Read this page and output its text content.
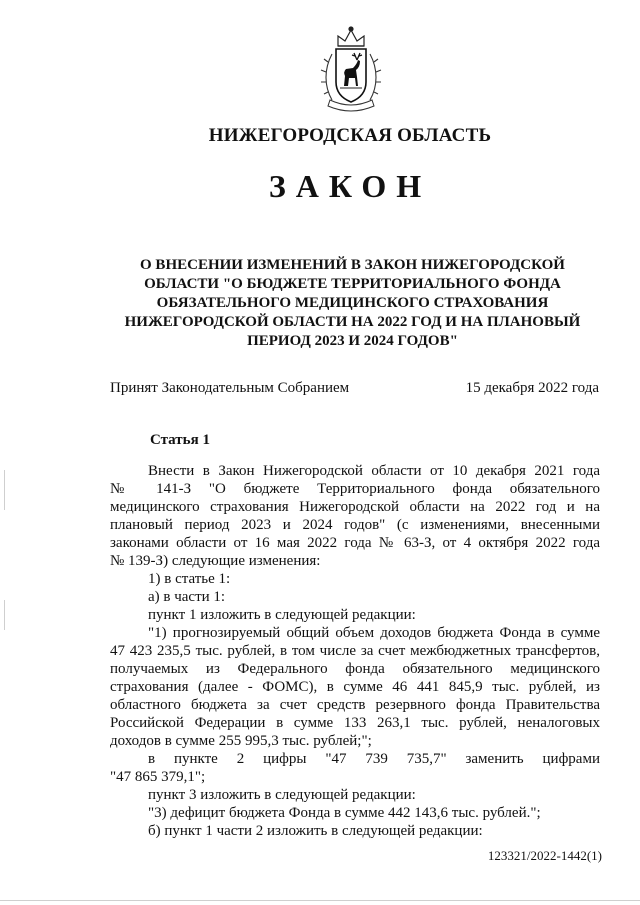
НИЖЕГОРОДСКАЯ ОБЛАСТЬ
ЗАКОН
О ВНЕСЕНИИ ИЗМЕНЕНИЙ В ЗАКОН НИЖЕГОРОДСКОЙ
ОБЛАСТИ "О БЮДЖЕТЕ ТЕРРИТОРИАЛЬНОГО ФОНДА
ОБЯЗАТЕЛЬНОГО МЕДИЦИНСКОГО СТРАХОВАНИЯ
НИЖЕГОРОДСКОЙ ОБЛАСТИ НА 2022 ГОД И НА ПЛАНОВЫЙ
ПЕРИОД 2023 И 2024 ГОДОВ"
Принят Законодательным Собранием	15 декабря 2022 года
Статья 1

Внести в Закон Нижегородской области от 10 декабря 2021 года

№ 141-З "О бюджете Территориального фонда обязательного

медицинского страхования Нижегородской области на 2022 год и на

плановый период 2023 и 2024 годов" (с изменениями, внесенными

законами области от 16 мая 2022 года № 63-З, от 4 октября 2022 года

№ 139-З) следующие изменения:

1) в статье 1:

а) в части 1:

пункт 1 изложить в следующей редакции:

"1) прогнозируемый общий объем доходов бюджета Фонда в сумме

47 423 235,5 тыс. рублей, в том числе за счет межбюджетных трансфертов,

получаемых из Федерального фонда обязательного медицинского

страхования (далее - ФОМС), в сумме 46 441 845,9 тыс. рублей, из

областного бюджета за счет средств резервного фонда Правительства

Российской Федерации в сумме 133 263,1 тыс. рублей, неналоговых

доходов в сумме 255 995,3 тыс. рублей;";

в пункте 2 цифры "47 739 735,7" заменить цифрами

"47 865 379,1";

пункт 3 изложить в следующей редакции:

"3) дефицит бюджета Фонда в сумме 442 143,6 тыс. рублей.";

б) пункт 1 части 2 изложить в следующей редакции:

123321/2022-1442(1)
